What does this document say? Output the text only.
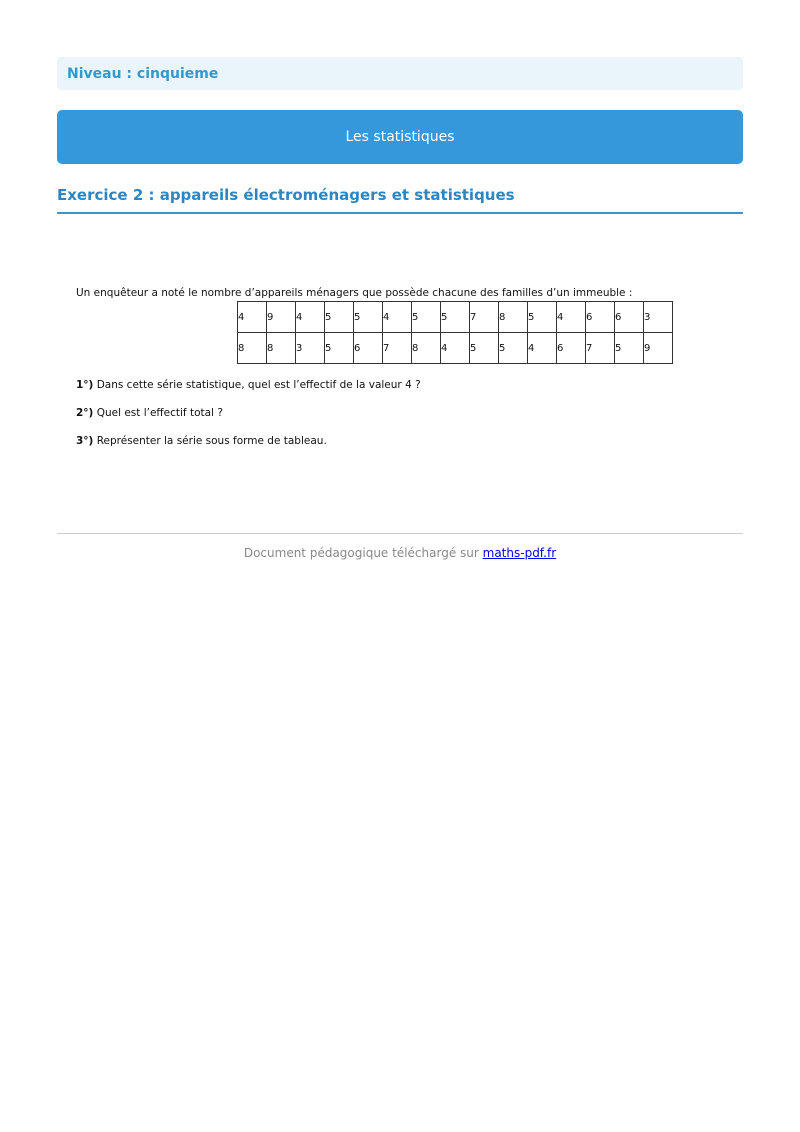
Niveau : cinquieme
Les statistiques
Exercice 2 : appareils électroménagers et statistiques
Un enquêteur a noté le nombre d’appareils ménagers que possède chacune des familles d’un immeuble :
4	9	4	5	5	4	5	5	7	8	5	4	6	6	3
8	8	3	5	6	7	8	4	5	5	4	6	7	5	9
1°) Dans cette série statistique, quel est l’effectif de la valeur 4 ?
2°) Quel est l’effectif total ?
3°) Représenter la série sous forme de tableau.
Document pédagogique téléchargé sur maths-pdf.fr
